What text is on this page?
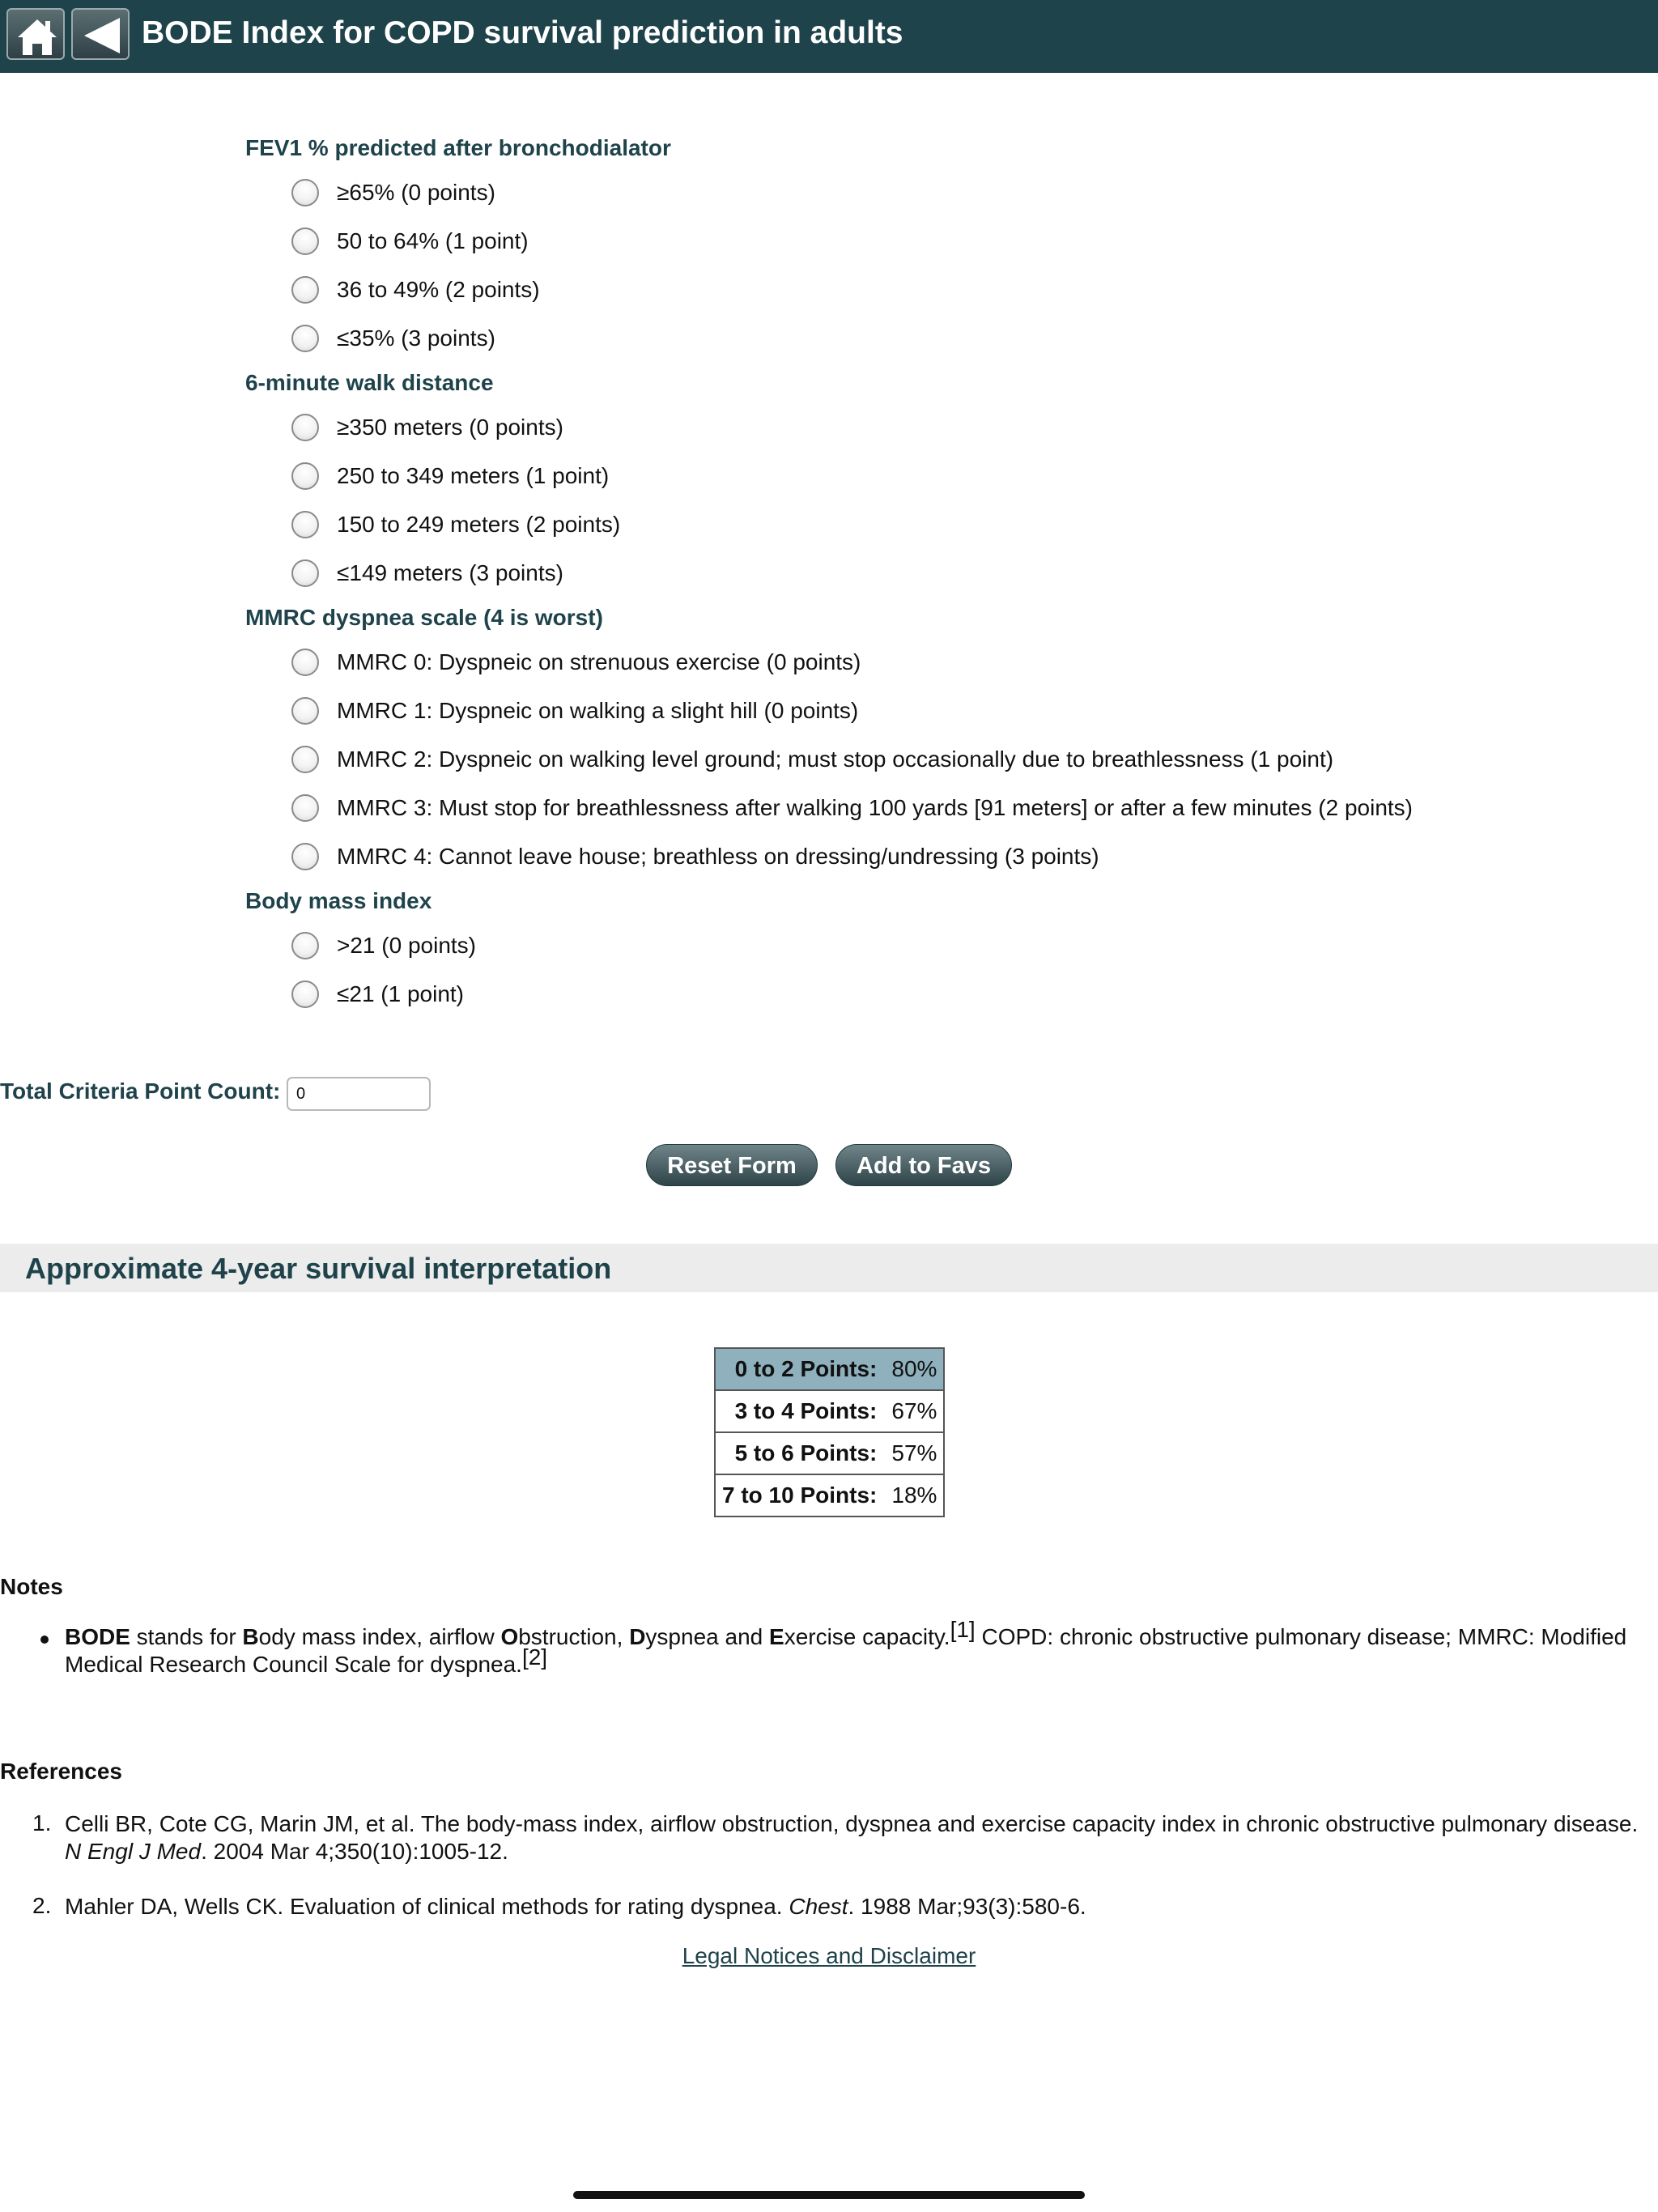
BODE Index for COPD survival prediction in adults
FEV1 % predicted after bronchodialator
≥65% (0 points)
50 to 64% (1 point)
36 to 49% (2 points)
≤35% (3 points)
6-minute walk distance
≥350 meters (0 points)
250 to 349 meters (1 point)
150 to 249 meters (2 points)
≤149 meters (3 points)
MMRC dyspnea scale (4 is worst)
MMRC 0: Dyspneic on strenuous exercise (0 points)
MMRC 1: Dyspneic on walking a slight hill (0 points)
MMRC 2: Dyspneic on walking level ground; must stop occasionally due to breathlessness (1 point)
MMRC 3: Must stop for breathlessness after walking 100 yards [91 meters] or after a few minutes (2 points)
MMRC 4: Cannot leave house; breathless on dressing/undressing (3 points)
Body mass index
>21 (0 points)
≤21 (1 point)
Total Criteria Point Count:
0
Reset Form	Add to Favs
Approximate 4-year survival interpretation
0 to 2 Points:	80%
3 to 4 Points:	67%
5 to 6 Points:	57%
7 to 10 Points:	18%
Notes
BODE stands for Body mass index, airflow Obstruction, Dyspnea and Exercise capacity.[1] COPD: chronic obstructive pulmonary disease; MMRC: Modified Medical Research Council Scale for dyspnea.[2]
References
1. Celli BR, Cote CG, Marin JM, et al. The body-mass index, airflow obstruction, dyspnea and exercise capacity index in chronic obstructive pulmonary disease. N Engl J Med. 2004 Mar 4;350(10):1005-12.
2. Mahler DA, Wells CK. Evaluation of clinical methods for rating dyspnea. Chest. 1988 Mar;93(3):580-6.
Legal Notices and Disclaimer
